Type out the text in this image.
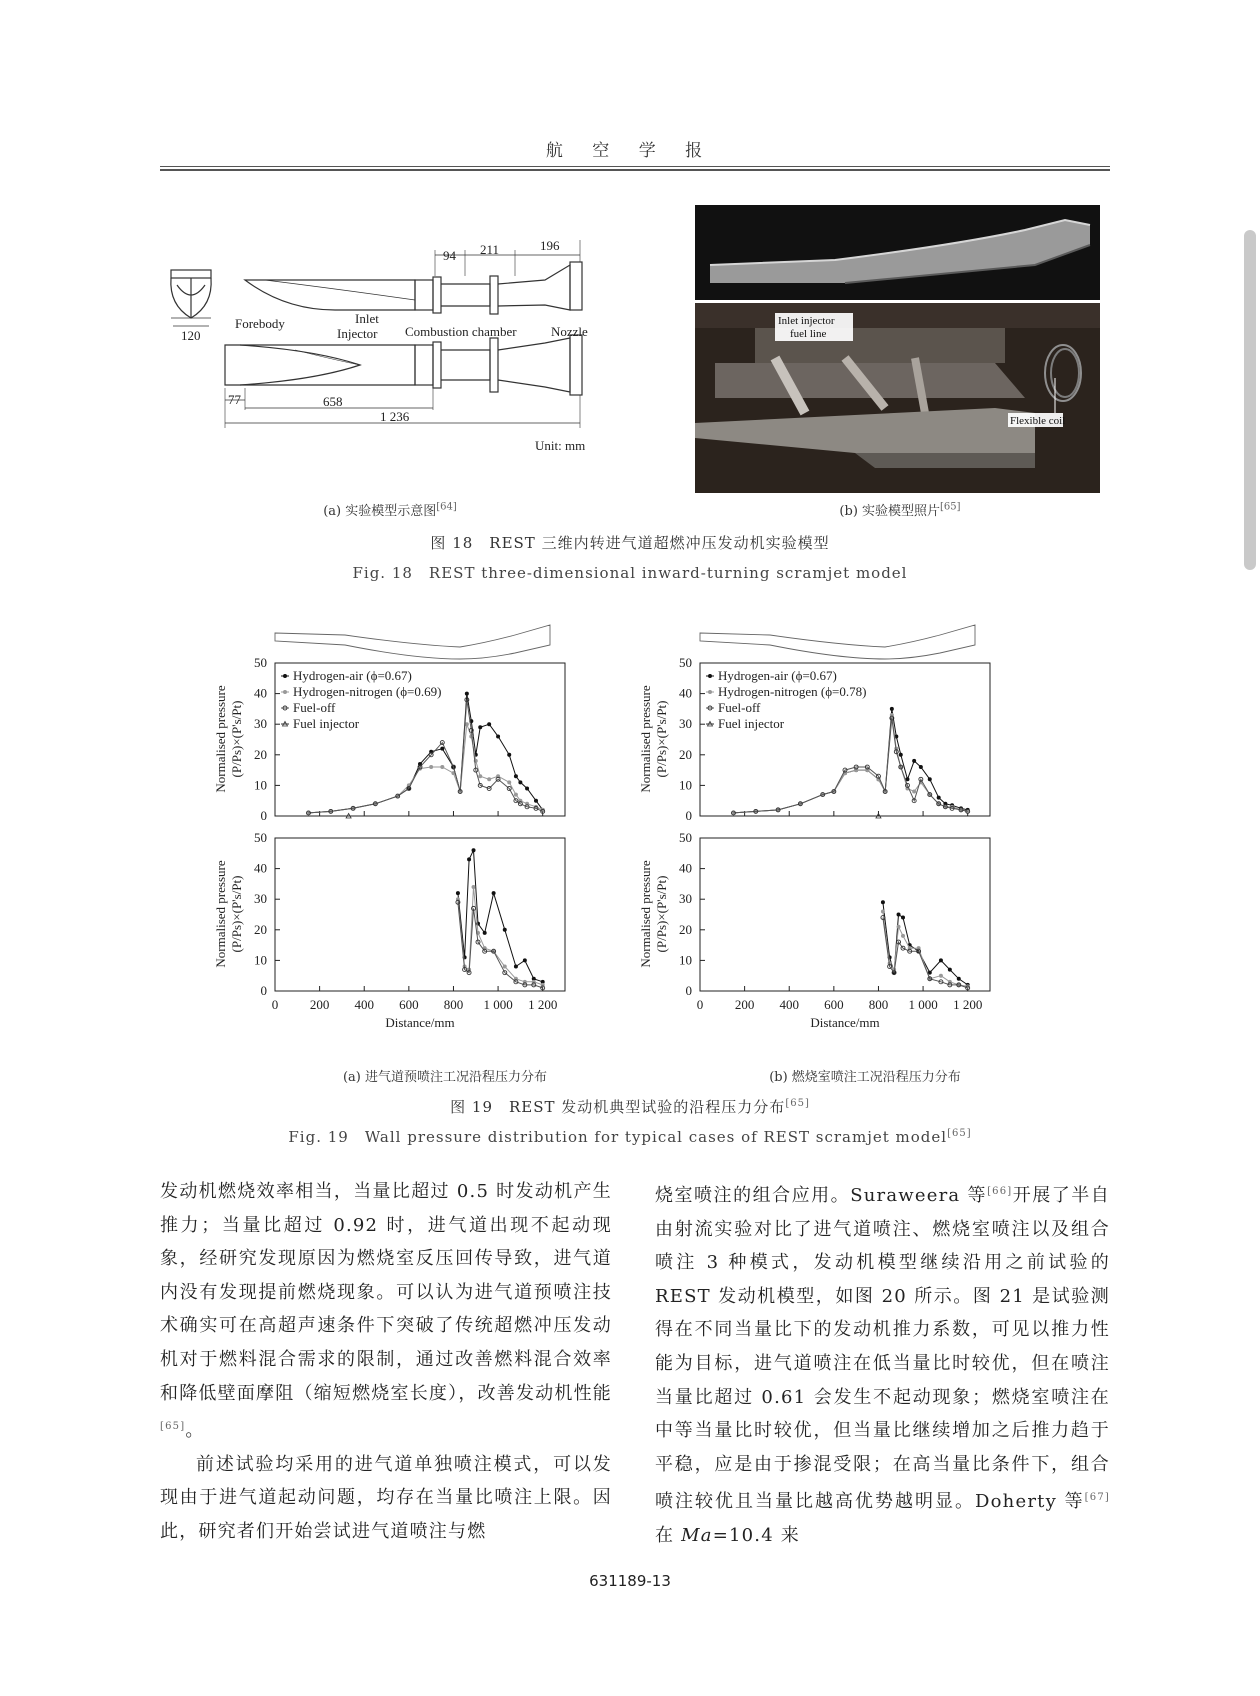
航 空 学 报
94 211	196
120
Forebody	Inlet
Injector Combustion chamber	Nozzle
77	658
1 236
Unit: mm
Inlet injector
fuel line
Flexible coil
(a) 实验模型示意图[64]	(b) 实验模型照片[65]
图 18　REST 三维内转进气道超燃冲压发动机实验模型
Fig. 18　REST three-dimensional inward-turning scramjet model
0
10
20
30
40
50
0
10
20
30
40
50
0 200 400 600 800 1 000 1 200
Hydrogen-air (ϕ=0.67)
Hydrogen-nitrogen (ϕ=0.69)
Fuel-off
Fuel injector
Normalised pressure (P/Ps)×(P's/Pt)
Normalised pressure (P/Ps)×(P's/Pt)
Distance/mm
0
10
20
30
40
50
0
10
20
30
40
50
0 200 400 600 800 1 000 1 200
Hydrogen-air (ϕ=0.67)
Hydrogen-nitrogen (ϕ=0.78)
Fuel-off
Fuel injector
Normalised pressure (P/Ps)×(P's/Pt)
Normalised pressure (P/Ps)×(P's/Pt)
Distance/mm
(a) 进气道预喷注工况沿程压力分布	(b) 燃烧室喷注工况沿程压力分布
图 19　REST 发动机典型试验的沿程压力分布[65]
Fig. 19　Wall pressure distribution for typical cases of REST scramjet model[65]

发动机燃烧效率相当，当量比超过 0.5 时发动机产生推力；当量比超过 0.92 时，进气道出现不起动现象，经研究发现原因为燃烧室反压回传导致，进气道内没有发现提前燃烧现象。可以认为进气道预喷注技术确实可在高超声速条件下突破了传统超燃冲压发动机对于燃料混合需求的限制，通过改善燃料混合效率和降低壁面摩阻（缩短燃烧室长度），改善发动机性能[65]。

前述试验均采用的进气道单独喷注模式，可以发现由于进气道起动问题，均存在当量比喷注上限。因此，研究者们开始尝试进气道喷注与燃

烧室喷注的组合应用。Suraweera 等[66]开展了半自由射流实验对比了进气道喷注、燃烧室喷注以及组合喷注 3 种模式，发动机模型继续沿用之前试验的 REST 发动机模型，如图 20 所示。图 21 是试验测得在不同当量比下的发动机推力系数，可见以推力性能为目标，进气道喷注在低当量比时较优，但在喷注当量比超过 0.61 会发生不起动现象；燃烧室喷注在中等当量比时较优，但当量比继续增加之后推力趋于平稳，应是由于掺混受限；在高当量比条件下，组合喷注较优且当量比越高优势越明显。Doherty 等[67]在 Ma=10.4 来

631189-13
